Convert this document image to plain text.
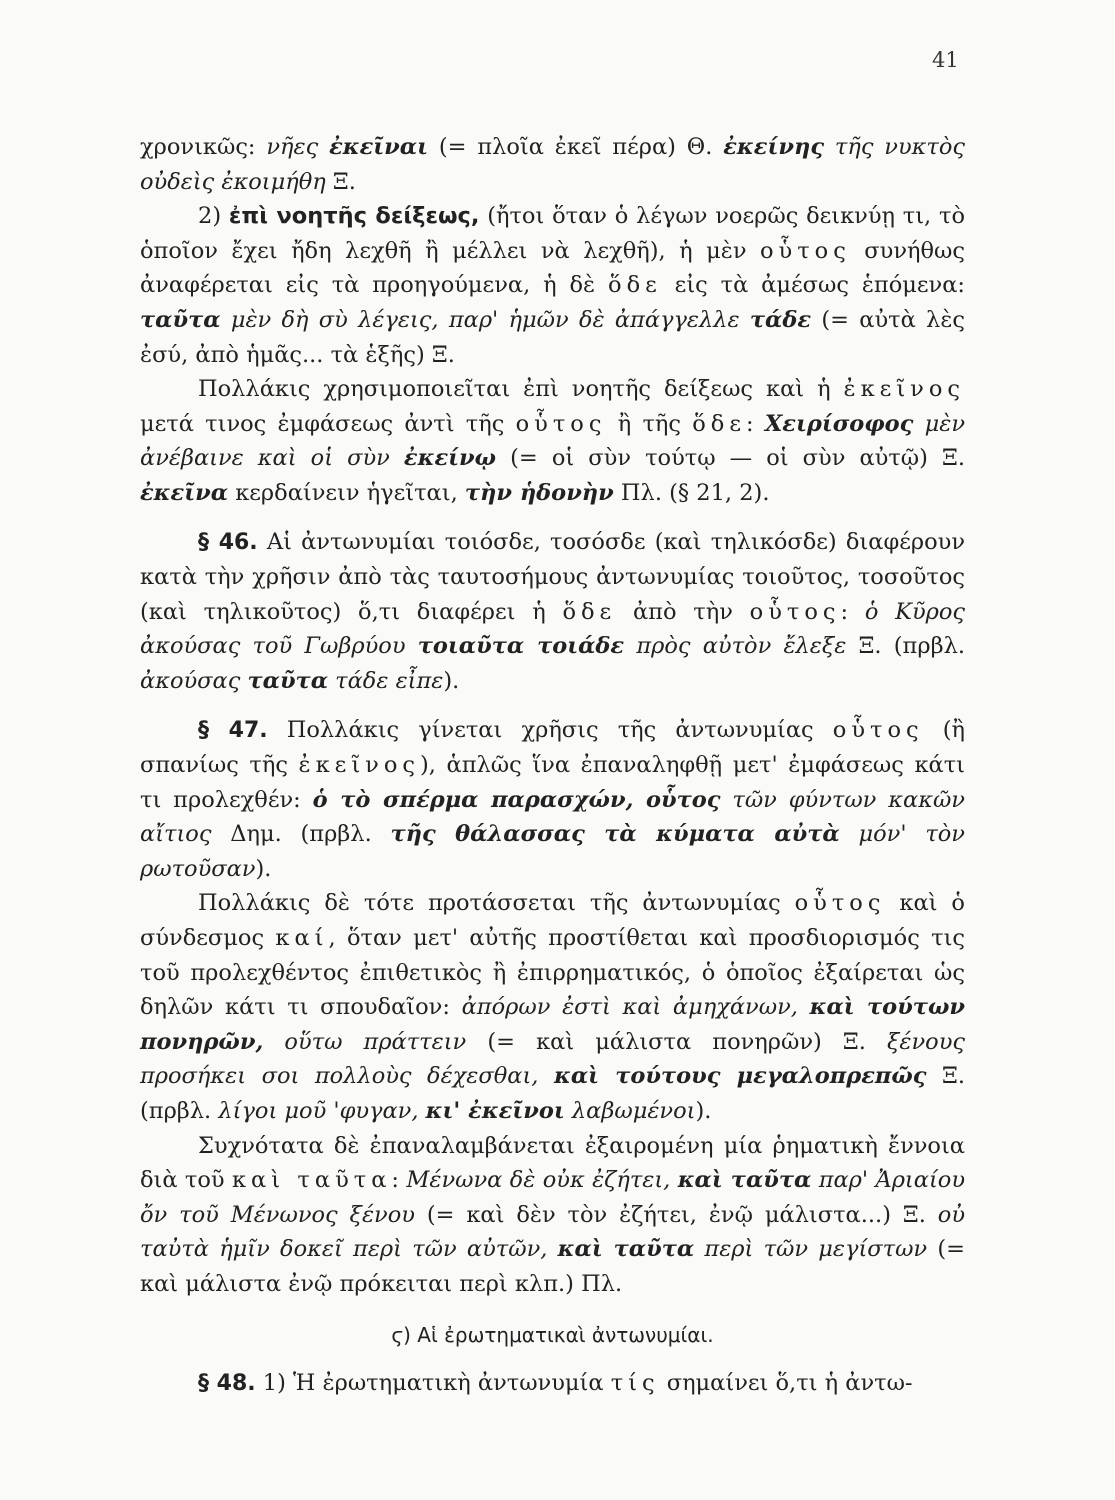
41

χρονικῶς: νῆες ἐκεῖναι (= πλοῖα ἐκεῖ πέρα) Θ. ἐκείνης τῆς νυκτὸς οὐδεὶς ἐκοιμήθη Ξ.

2) ἐπὶ νοητῆς δείξεως, (ἤτοι ὅταν ὁ λέγων νοερῶς δεικνύῃ τι, τὸ ὁποῖον ἔχει ἤδη λεχθῆ ἢ μέλλει νὰ λεχθῆ), ἡ μὲν οὗτος συνήθως ἀναφέρεται εἰς τὰ προηγούμενα, ἡ δὲ ὅδε εἰς τὰ ἀμέσως ἑπόμενα: ταῦτα μὲν δὴ σὺ λέγεις, παρ' ἡμῶν δὲ ἀπάγγελλε τάδε (= αὐτὰ λὲς ἐσύ, ἀπὸ ἡμᾶς... τὰ ἑξῆς) Ξ.

Πολλάκις χρησιμοποιεῖται ἐπὶ νοητῆς δείξεως καὶ ἡ ἐκεῖνος μετά τινος ἐμφάσεως ἀντὶ τῆς οὗτος ἢ τῆς ὅδε: Χειρίσοφος μὲν ἀνέβαινε καὶ οἱ σὺν ἐκείνῳ (= οἱ σὺν τούτῳ — οἱ σὺν αὐτῷ) Ξ. ἐκεῖνα κερδαίνειν ἡγεῖται, τὴν ἡδονὴν Πλ. (§ 21, 2).

§ 46. Αἱ ἀντωνυμίαι τοιόσδε, τοσόσδε (καὶ τηλικόσδε) διαφέρουν κατὰ τὴν χρῆσιν ἀπὸ τὰς ταυτοσήμους ἀντωνυμίας τοιοῦτος, τοσοῦτος (καὶ τηλικοῦτος) ὅ,τι διαφέρει ἡ ὅδε ἀπὸ τὴν οὗτος: ὁ Κῦρος ἀκούσας τοῦ Γωβρύου τοιαῦτα τοιάδε πρὸς αὐτὸν ἔλεξε Ξ. (πρβλ. ἀκούσας ταῦτα τάδε εἶπε).

§ 47. Πολλάκις γίνεται χρῆσις τῆς ἀντωνυμίας οὗτος (ἢ σπανίως τῆς ἐκεῖνος), ἁπλῶς ἵνα ἐπαναληφθῇ μετ' ἐμφάσεως κάτι τι προλεχθέν: ὁ τὸ σπέρμα παρασχών, οὗτος τῶν φύντων κακῶν αἴτιος Δημ. (πρβλ. τῆς θάλασσας τὰ κύματα αὐτὰ μόν' τὸν ρωτοῦσαν).

Πολλάκις δὲ τότε προτάσσεται τῆς ἀντωνυμίας οὗτος καὶ ὁ σύνδεσμος καί, ὅταν μετ' αὐτῆς προστίθεται καὶ προσδιορισμός τις τοῦ προλεχθέντος ἐπιθετικὸς ἢ ἐπιρρηματικός, ὁ ὁποῖος ἐξαίρεται ὡς δηλῶν κάτι τι σπουδαῖον: ἀπόρων ἐστὶ καὶ ἀμηχάνων, καὶ τούτων πονηρῶν, οὕτω πράττειν (= καὶ μάλιστα πονηρῶν) Ξ. ξένους προσήκει σοι πολλοὺς δέχεσθαι, καὶ τούτους μεγαλοπρεπῶς Ξ. (πρβλ. λίγοι μοῦ 'φυγαν, κι' ἐκεῖνοι λαβωμένοι).

Συχνότατα δὲ ἐπαναλαμβάνεται ἐξαιρομένη μία ῥηματικὴ ἔννοια διὰ τοῦ καὶ ταῦτα: Μένωνα δὲ οὐκ ἐζήτει, καὶ ταῦτα παρ' Ἀριαίου ὄν τοῦ Μένωνος ξένου (= καὶ δὲν τὸν ἐζήτει, ἐνῷ μάλιστα...) Ξ. οὐ ταὐτὰ ἡμῖν δοκεῖ περὶ τῶν αὐτῶν, καὶ ταῦτα περὶ τῶν μεγίστων (= καὶ μάλιστα ἐνῷ πρόκειται περὶ κλπ.) Πλ.

ϛ) Αἱ ἐρωτηματικαὶ ἀντωνυμίαι.

§ 48. 1) Ἡ ἐρωτηματικὴ ἀντωνυμία τίς σημαίνει ὅ,τι ἡ ἀντω-
